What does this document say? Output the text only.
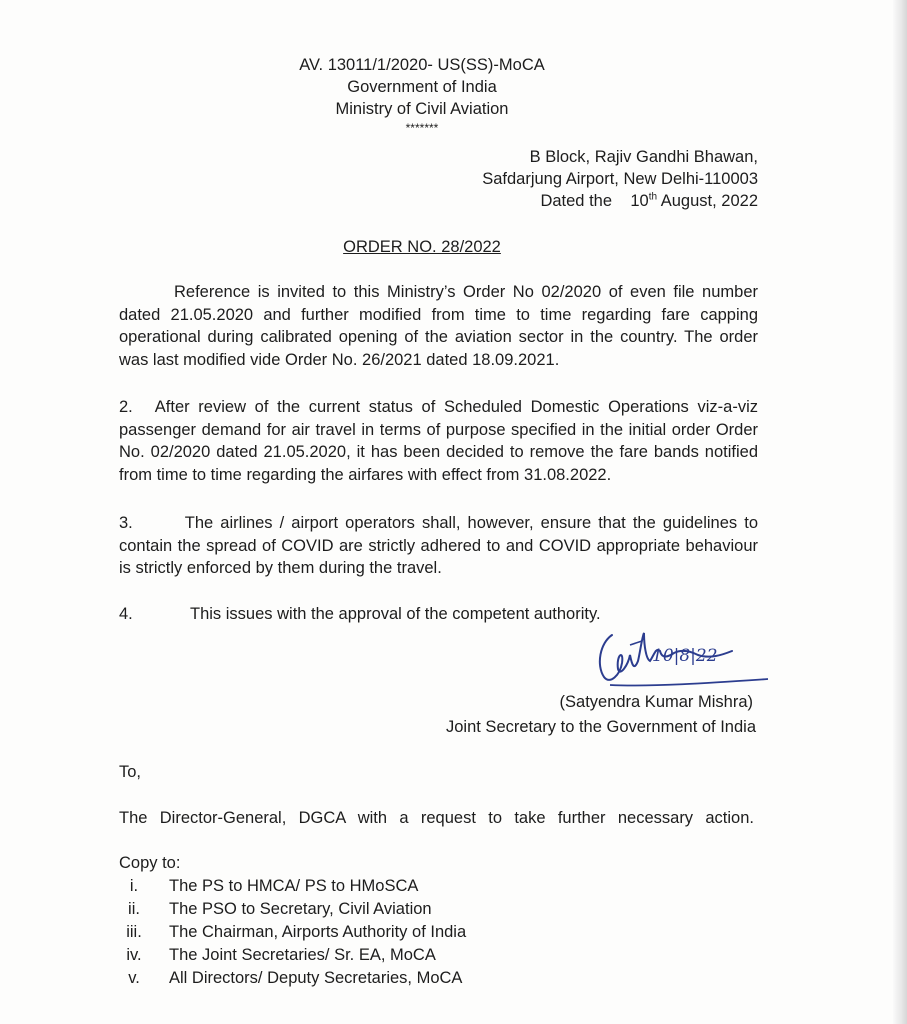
AV. 13011/1/2020- US(SS)-MoCA
Government of India
Ministry of Civil Aviation
*******
B Block, Rajiv Gandhi Bhawan,
Safdarjung Airport, New Delhi-110003
Dated the 10th August, 2022
ORDER NO. 28/2022
Reference is invited to this Ministry’s Order No 02/2020 of even file number
dated 21.05.2020 and further modified from time to time regarding fare capping
operational during calibrated opening of the aviation sector in the country. The order
was last modified vide Order No. 26/2021 dated 18.09.2021.
2. After review of the current status of Scheduled Domestic Operations viz-a-viz
passenger demand for air travel in terms of purpose specified in the initial order Order
No. 02/2020 dated 21.05.2020, it has been decided to remove the fare bands notified
from time to time regarding the airfares with effect from 31.08.2022.
3.	The airlines / airport operators shall, however, ensure that the guidelines to
contain the spread of COVID are strictly adhered to and COVID appropriate behaviour
is strictly enforced by them during the travel.
4.	This issues with the approval of the competent authority.
10|8|22
(Satyendra Kumar Mishra)
Joint Secretary to the Government of India
To,
The Director-General, DGCA with a request to take further necessary action.
Copy to:
i.	The PS to HMCA/ PS to HMoSCA
ii.	The PSO to Secretary, Civil Aviation
iii.	The Chairman, Airports Authority of India
iv.	The Joint Secretaries/ Sr. EA, MoCA
v.	All Directors/ Deputy Secretaries, MoCA
